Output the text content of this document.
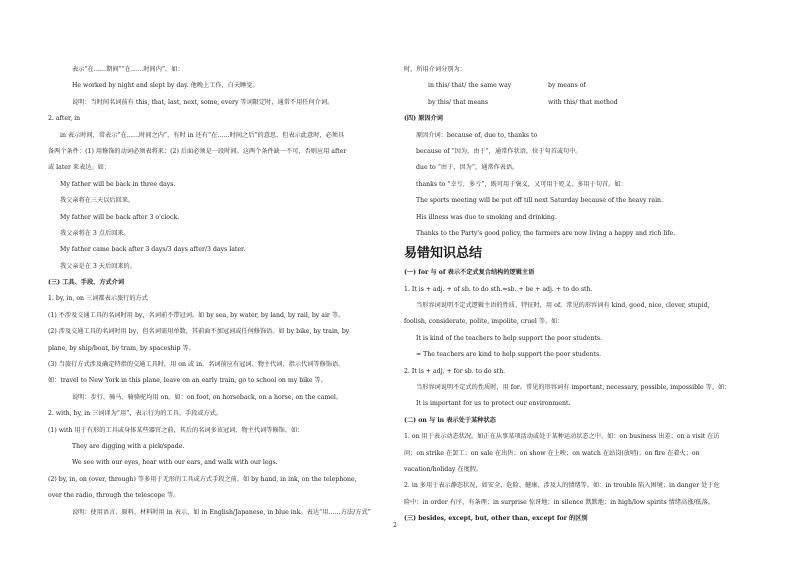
表示“在……期间”“在……时间内”。如：
He worked by night and slept by day. 他晚上工作，白天睡觉。
说明：当时间名词前有 this, that, last, next, some, every 等词限定时，通常不用任何介词。
2. after, in
in 表示时间，常表示“在……时间之内”，有时 in 还有“在……时间之后”的意思，但表示此意时，必须具
备两个条件：(1) 用修饰的动词必须表将来；(2) 后面必须是一段时间。这两个条件缺一不可，否则应用 after
或 later 来表达。如：
My father will be back in three days.
我父亲将在三天以后回来。
My father will be back after 3 o'clock.
我父亲将在 3 点后回来。
My father came back after 3 days/3 days after/3 days later.
我父亲是在 3 天后回来的。
(三) 工具、手段、方式介词
1. by, in, on 三词都表示旅行的方式
(1) 不涉及交通工具的名词时用 by，名词前不带冠词。如 by sea, by water, by land, by rail, by air 等。
(2) 涉及交通工具的名词时用 by，但名词需用单数，其前面不加冠词或任何修饰语。如 by bike, by train, by
plane, by ship/boat, by tram, by spaceship 等。
(3) 当旅行方式涉及确定特指的交通工具时，用 on 或 in，名词前应有冠词、物主代词、指示代词等修饰语。
如：travel to New York in this plane, leave on an early train, go to school on my bike 等。
说明：步行、骑马、骑骆驼均用 on。如：on foot, on horseback, on a horse, on the camel。
2. with, by, in 三词译为“用”，表示行为的工具、手段或方式。
(1) with 用于有形的工具或身体某些器官之前，其后的名词多该冠词、物主代词等修饰。如：
They are digging with a pick/spade.
We see with our eyes, hear with our ears, and walk with our legs.
(2) by, in, on (over, through) 等多用于无形的工具或方式手段之前。如 by hand, in ink, on the telephone,
over the radio, through the telescope 等。
说明：使用语言、原料、材料时用 in 表示，如 in English/Japanese, in blue ink。表达“用……方法/方式”
时，所用介词分别为：
in this/ that/ the same way	by means of
by this/ that means	with this/ that method
(四) 原因介词
原因介词：because of, due to, thanks to
because of “因为，由于”，通常作状语，位于句首或句中。
due to “由于，因为”，通常作表语。
thanks to “幸亏，多亏”，既可用于褒义，又可用于贬义，多用于句首。如：
The sports meeting will be put off till next Saturday because of the heavy rain.
His illness was due to smoking and drinking.
Thanks to the Party's good policy, the farmers are now living a happy and rich life.
易错知识总结
(一) for 与 of 表示不定式复合结构的逻辑主语
1. It is + adj. + of sb. to do sth.=sb. + be + adj. + to do sth.
当形容词说明不定式逻辑主语的性质、特征时，用 of。常见的形容词有 kind, good, nice, clever, stupid,
foolish, considerate, polite, impolite, cruel 等。如：
It is kind of the teachers to help support the poor students.
= The teachers are kind to help support the poor students.
2. It is + adj. + for sb. to do sth.
当形容词说明不定式的性质时，用 for。常见的形容词有 important, necessary, possible, impossible 等。如：
It is important for us to protect our environment.
(二) on 与 in 表示处于某种状态
1. on 用于表示动态状况，如正在从事某项活动或处于某种运动状态之中。如：on business 出差；on a visit 在访
问；on strike 在罢工；on sale 在出售；on show 在上映；on watch 在站岗(放哨)；on fire 在着火；on
vacation/holiday 在度假。
2. in 多用于表示静态状况，如安全、危险、健康、涉及人的情绪等。如：in trouble 陷入困境；in danger 处于危
险中；in order 有序，有条理；in surprise 惊讶地；in silence 默默地；in high/low spirits 情绪高涨/低落。
(三) besides, except, but, other than, except for 的区别
2
